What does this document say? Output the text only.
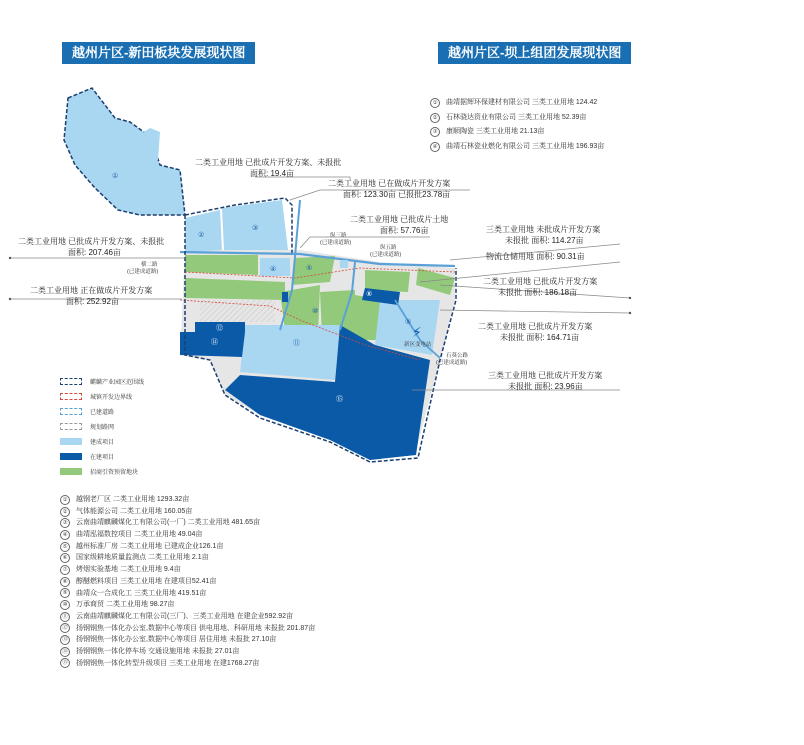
越州片区-新田板块发展现状图	越州片区-坝上组团发展现状图
⚡
①
②
③
④	⑤
⑧
⑨
⑩
⑪
⑫
⑭
⑮
纵三路
(已建成道路)
纵五路
(已建成道路)
横二路
(已建成道路)
石葵公路
(已建成道路)
新区变电站
二类工业用地 已批成片开发方案、未报批
面积: 19.4亩
二类工业用地 已在做成片开发方案
面积: 123.30亩 已报批23.78亩
二类工业用地 已批成片土地
面积: 57.76亩
二类工业用地 已批成片开发方案、未报批
面积: 207.46亩
二类工业用地 正在做成片开发方案
面积: 252.92亩
三类工业用地 未批成片开发方案
未报批 面积: 114.27亩
物流仓储用地 面积: 90.31亩
二类工业用地 已批成片开发方案
未报批 面积: 186.18亩
二类工业用地 已批成片开发方案
未报批 面积: 164.71亩
三类工业用地 已批成片开发方案
未报批 面积: 23.96亩
①	曲靖据辉环保建材有限公司 三类工业用地 124.42
②	石林骁达资业有限公司 三类工业用地 52.39亩
③	康顺陶瓷 三类工业用地 21.13亩
④	曲靖石林瓷业燃化有限公司 三类工业用地 196.93亩
麒麟产业园区范围线
城镇开发边界线
已建道路
规划路网
建成项目
在建项目
招商引资预留地块
①	越钢老厂区 二类工业用地 1293.32亩
②	气体能源公司 二类工业用地 160.05亩
③	云南曲靖麒麟煤化工有限公司(一厂) 二类工业用地 481.65亩
④	曲靖泓福数控项目 二类工业用地 49.04亩
⑤	越州标准厂房 二类工业用地 已建成企业126.1亩
⑥	国家级耕地质量监测点 二类工业用地 2.1亩
⑦	烤烟实验基地 二类工业用地 9.4亩
⑧	醇醚燃料项目 三类工业用地 在建项目52.41亩
⑨	曲靖众一合成化工 三类工业用地 419.51亩
⑩	万承商贸 二类工业用地 98.27亩
⑪	云南曲靖麒麟煤化工有限公司(三厂)、三类工业用地 在建企业592.92亩
⑫	扬钢钢焦一体化办公室,数据中心等项目 供电用地、科研用地 未报批 201.87亩
⑬	扬钢钢焦一体化办公室,数据中心等项目 居住用地 未报批 27.10亩
⑭	扬钢钢焦一体化停车场 交通设施用地 未报批 27.01亩
⑮	扬钢钢焦一体化转型升级项目 三类工业用地 在建1768.27亩
